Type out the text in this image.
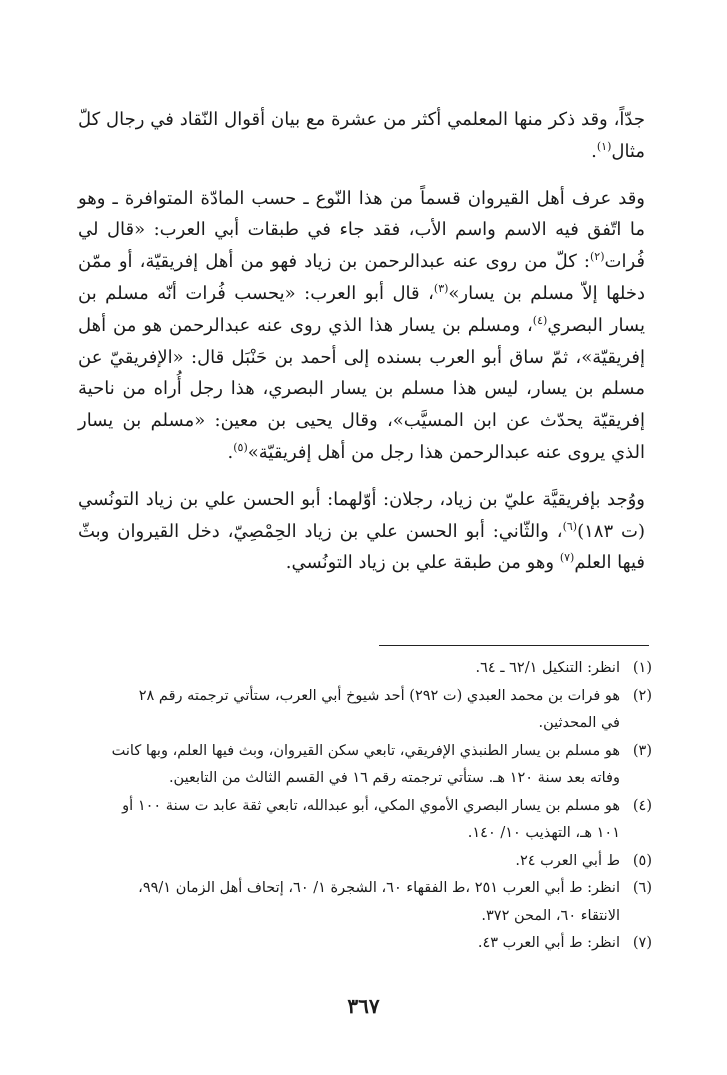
جدّاً، وقد ذكر منها المعلمي أكثر من عشرة مع بيان أقوال النّقاد في رجال كلّ مثال$^{(١)}$.

وقد عرف أهل القيروان قسماً من هذا النّوع ـ حسب المادّة المتوافرة ـ وهو ما اتّفق فيه الاسم واسم الأب، فقد جاء في طبقات أبي العرب: «قال لي فُرات$^{(٢)}$: كلّ من روى عنه عبدالرحمن بن زياد فهو من أهل إفريقيّة، أو ممّن دخلها إلاّ مسلم بن يسار»$^{(٣)}$، قال أبو العرب: «يحسب فُرات أنّه مسلم بن يسار البصري$^{(٤)}$، ومسلم بن يسار هذا الذي روى عنه عبدالرحمن هو من أهل إفريقيّة»، ثمّ ساق أبو العرب بسنده إلى أحمد بن حَنْبَل قال: «الإفريقيّ عن مسلم بن يسار، ليس هذا مسلم بن يسار البصري، هذا رجل أُراه من ناحية إفريقيّة يحدّث عن ابن المسيَّب»، وقال يحيى بن معين: «مسلم بن يسار الذي يروى عنه عبدالرحمن هذا رجل من أهل إفريقيّة»$^{(٥)}$.

ووُجد بإفريقيَّة عليّ بن زياد، رجلان: أوّلهما: أبو الحسن علي بن زياد التونُسي (ت ١٨٣)$^{(٦)}$، والثّاني: أبو الحسن علي بن زياد الحِمْصِيّ، دخل القيروان وبثّ فيها العلم$^{(٧)}$ وهو من طبقة علي بن زياد التونُسي.

(١)
انظر: التنكيل ٦٢/١ ـ ٦٤.
(٢)
هو فرات بن محمد العبدي (ت ٢٩٢) أحد شيوخ أبي العرب، ستأتي ترجمته رقم ٢٨
في المحدثين.
(٣)
هو مسلم بن يسار الطنبذي الإفريقي، تابعي سكن القيروان، وبث فيها العلم، وبها كانت
وفاته بعد سنة ١٢٠ هـ. ستأتي ترجمته رقم ١٦ في القسم الثالث من التابعين.
(٤)
هو مسلم بن يسار البصري الأموي المكي، أبو عبدالله، تابعي ثقة عابد ت سنة ١٠٠ أو
١٠١ هـ، التهذيب ١٠/ ١٤٠.
(٥)
ط أبي العرب ٢٤.
(٦)
انظر: ط أبي العرب ٢٥١ ،ط الفقهاء ٦٠، الشجرة ١/ ٦٠، إتحاف أهل الزمان ٩٩/١،
الانتقاء ٦٠، المحن ٣٧٢.
(٧)
انظر: ط أبي العرب ٤٣.
٣٦٧
